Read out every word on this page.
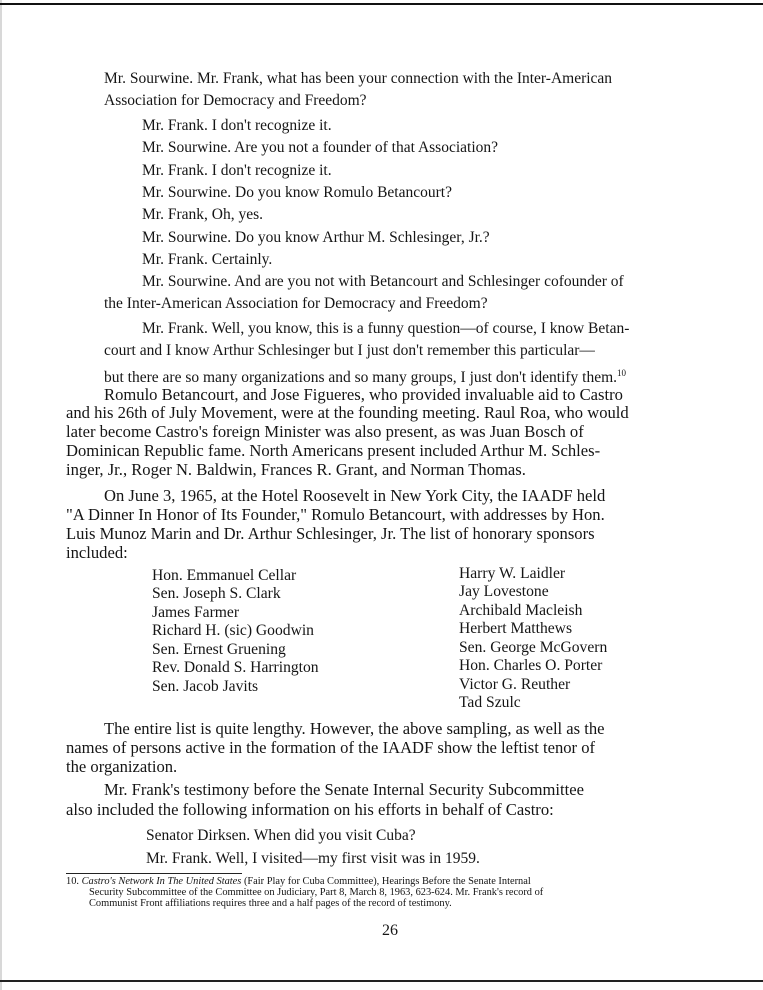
Mr. Sourwine. Mr. Frank, what has been your connection with the Inter-American

Association for Democracy and Freedom?

Mr. Frank. I don't recognize it.

Mr. Sourwine. Are you not a founder of that Association?

Mr. Frank. I don't recognize it.

Mr. Sourwine. Do you know Romulo Betancourt?

Mr. Frank, Oh, yes.

Mr. Sourwine. Do you know Arthur M. Schlesinger, Jr.?

Mr. Frank. Certainly.

Mr. Sourwine. And are you not with Betancourt and Schlesinger cofounder of

the Inter-American Association for Democracy and Freedom?

Mr. Frank. Well, you know, this is a funny question—of course, I know Betan-

court and I know Arthur Schlesinger but I just don't remember this particular—

but there are so many organizations and so many groups, I just don't identify them.$^{10}$

Romulo Betancourt, and Jose Figueres, who provided invaluable aid to Castro

and his 26th of July Movement, were at the founding meeting. Raul Roa, who would

later become Castro's foreign Minister was also present, as was Juan Bosch of

Dominican Republic fame. North Americans present included Arthur M. Schles-

inger, Jr., Roger N. Baldwin, Frances R. Grant, and Norman Thomas.

On June 3, 1965, at the Hotel Roosevelt in New York City, the IAADF held

"A Dinner In Honor of Its Founder," Romulo Betancourt, with addresses by Hon.

Luis Munoz Marin and Dr. Arthur Schlesinger, Jr. The list of honorary sponsors

included:

Hon. Emmanuel Cellar

Sen. Joseph S. Clark

James Farmer

Richard H. (sic) Goodwin

Sen. Ernest Gruening

Rev. Donald S. Harrington

Sen. Jacob Javits

Harry W. Laidler

Jay Lovestone

Archibald Macleish

Herbert Matthews

Sen. George McGovern

Hon. Charles O. Porter

Victor G. Reuther

Tad Szulc

The entire list is quite lengthy. However, the above sampling, as well as the

names of persons active in the formation of the IAADF show the leftist tenor of

the organization.

Mr. Frank's testimony before the Senate Internal Security Subcommittee

also included the following information on his efforts in behalf of Castro:

Senator Dirksen. When did you visit Cuba?

Mr. Frank. Well, I visited—my first visit was in 1959.

10. Castro's Network In The United States (Fair Play for Cuba Committee), Hearings Before the Senate Internal

Security Subcommittee of the Committee on Judiciary, Part 8, March 8, 1963, 623-624. Mr. Frank's record of

Communist Front affiliations requires three and a half pages of the record of testimony.

26
